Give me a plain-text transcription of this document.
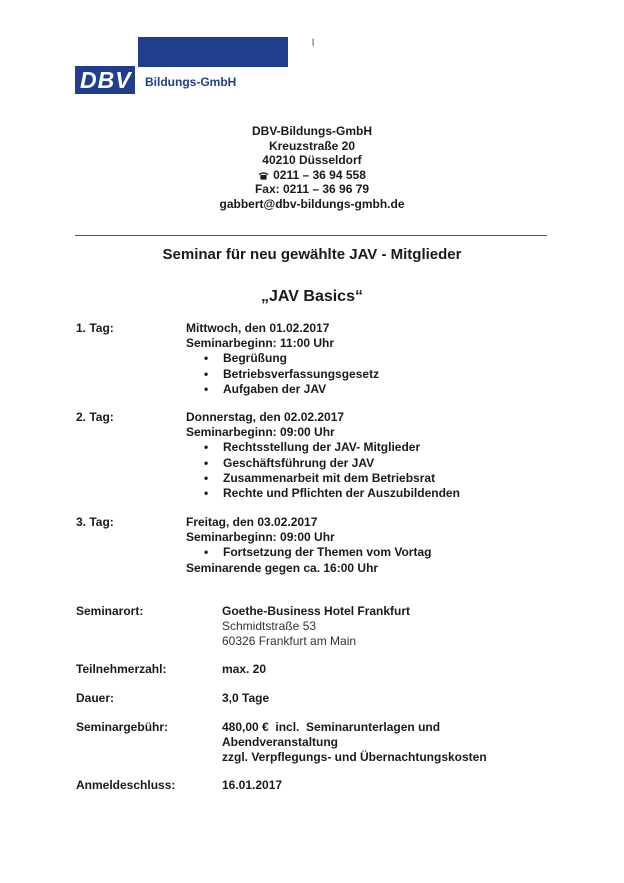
DBV Bildungs-GmbH
l
DBV-Bildungs-GmbH
Kreuzstraße 20
40210 Düsseldorf
0211 – 36 94 558
Fax: 0211 – 36 96 79
gabbert@dbv-bildungs-gmbh.de
Seminar für neu gewählte JAV - Mitglieder
„JAV Basics“
1. Tag:	Mittwoch, den 01.02.2017
Seminarbeginn: 11:00 Uhr
• Begrüßung
• Betriebsverfassungsgesetz
• Aufgaben der JAV
2. Tag:	Donnerstag, den 02.02.2017
Seminarbeginn: 09:00 Uhr
• Rechtsstellung der JAV- Mitglieder
• Geschäftsführung der JAV
• Zusammenarbeit mit dem Betriebsrat
• Rechte und Pflichten der Auszubildenden
3. Tag:	Freitag, den 03.02.2017
Seminarbeginn: 09:00 Uhr
• Fortsetzung der Themen vom Vortag
Seminarende gegen ca. 16:00 Uhr
Seminarort:	Goethe-Business Hotel Frankfurt
Schmidtstraße 53
60326 Frankfurt am Main
Teilnehmerzahl:	max. 20
Dauer:	3,0 Tage
Seminargebühr:	480,00 €  incl.  Seminarunterlagen und
Abendveranstaltung
zzgl. Verpflegungs- und Übernachtungskosten
Anmeldeschluss:	16.01.2017
